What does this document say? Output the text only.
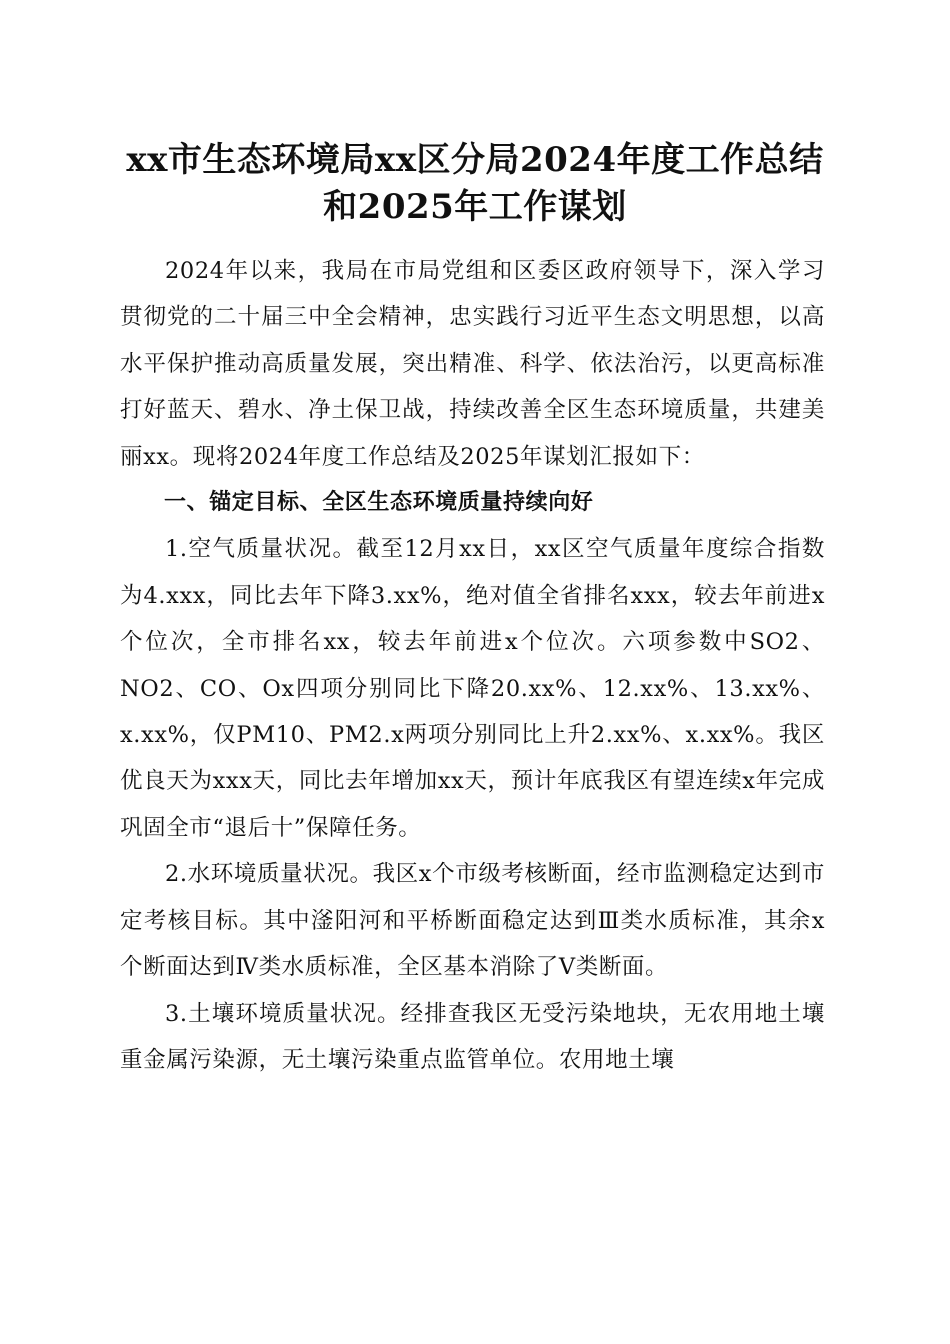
xx市生态环境局xx区分局2024年度工作总结
和2025年工作谋划

2024年以来，我局在市局党组和区委区政府领导下，深入学习贯彻党的二十届三中全会精神，忠实践行习近平生态文明思想，以高水平保护推动高质量发展，突出精准、科学、依法治污，以更高标准打好蓝天、碧水、净土保卫战，持续改善全区生态环境质量，共建美丽xx。现将2024年度工作总结及2025年谋划汇报如下：

一、锚定目标、全区生态环境质量持续向好

1.空气质量状况。截至12月xx日，xx区空气质量年度综合指数为4.xxx，同比去年下降3.xx%，绝对值全省排名xxx，较去年前进x个位次，全市排名xx，较去年前进x个位次。六项参数中SO2、NO2、CO、Ox四项分别同比下降20.xx%、12.xx%、13.xx%、x.xx%，仅PM10、PM2.x两项分别同比上升2.xx%、x.xx%。我区优良天为xxx天，同比去年增加xx天，预计年底我区有望连续x年完成巩固全市“退后十”保障任务。

2.水环境质量状况。我区x个市级考核断面，经市监测稳定达到市定考核目标。其中滏阳河和平桥断面稳定达到Ⅲ类水质标准，其余x个断面达到Ⅳ类水质标准，全区基本消除了Ⅴ类断面。

3.土壤环境质量状况。经排查我区无受污染地块，无农用地土壤重金属污染源，无土壤污染重点监管单位。农用地土壤
